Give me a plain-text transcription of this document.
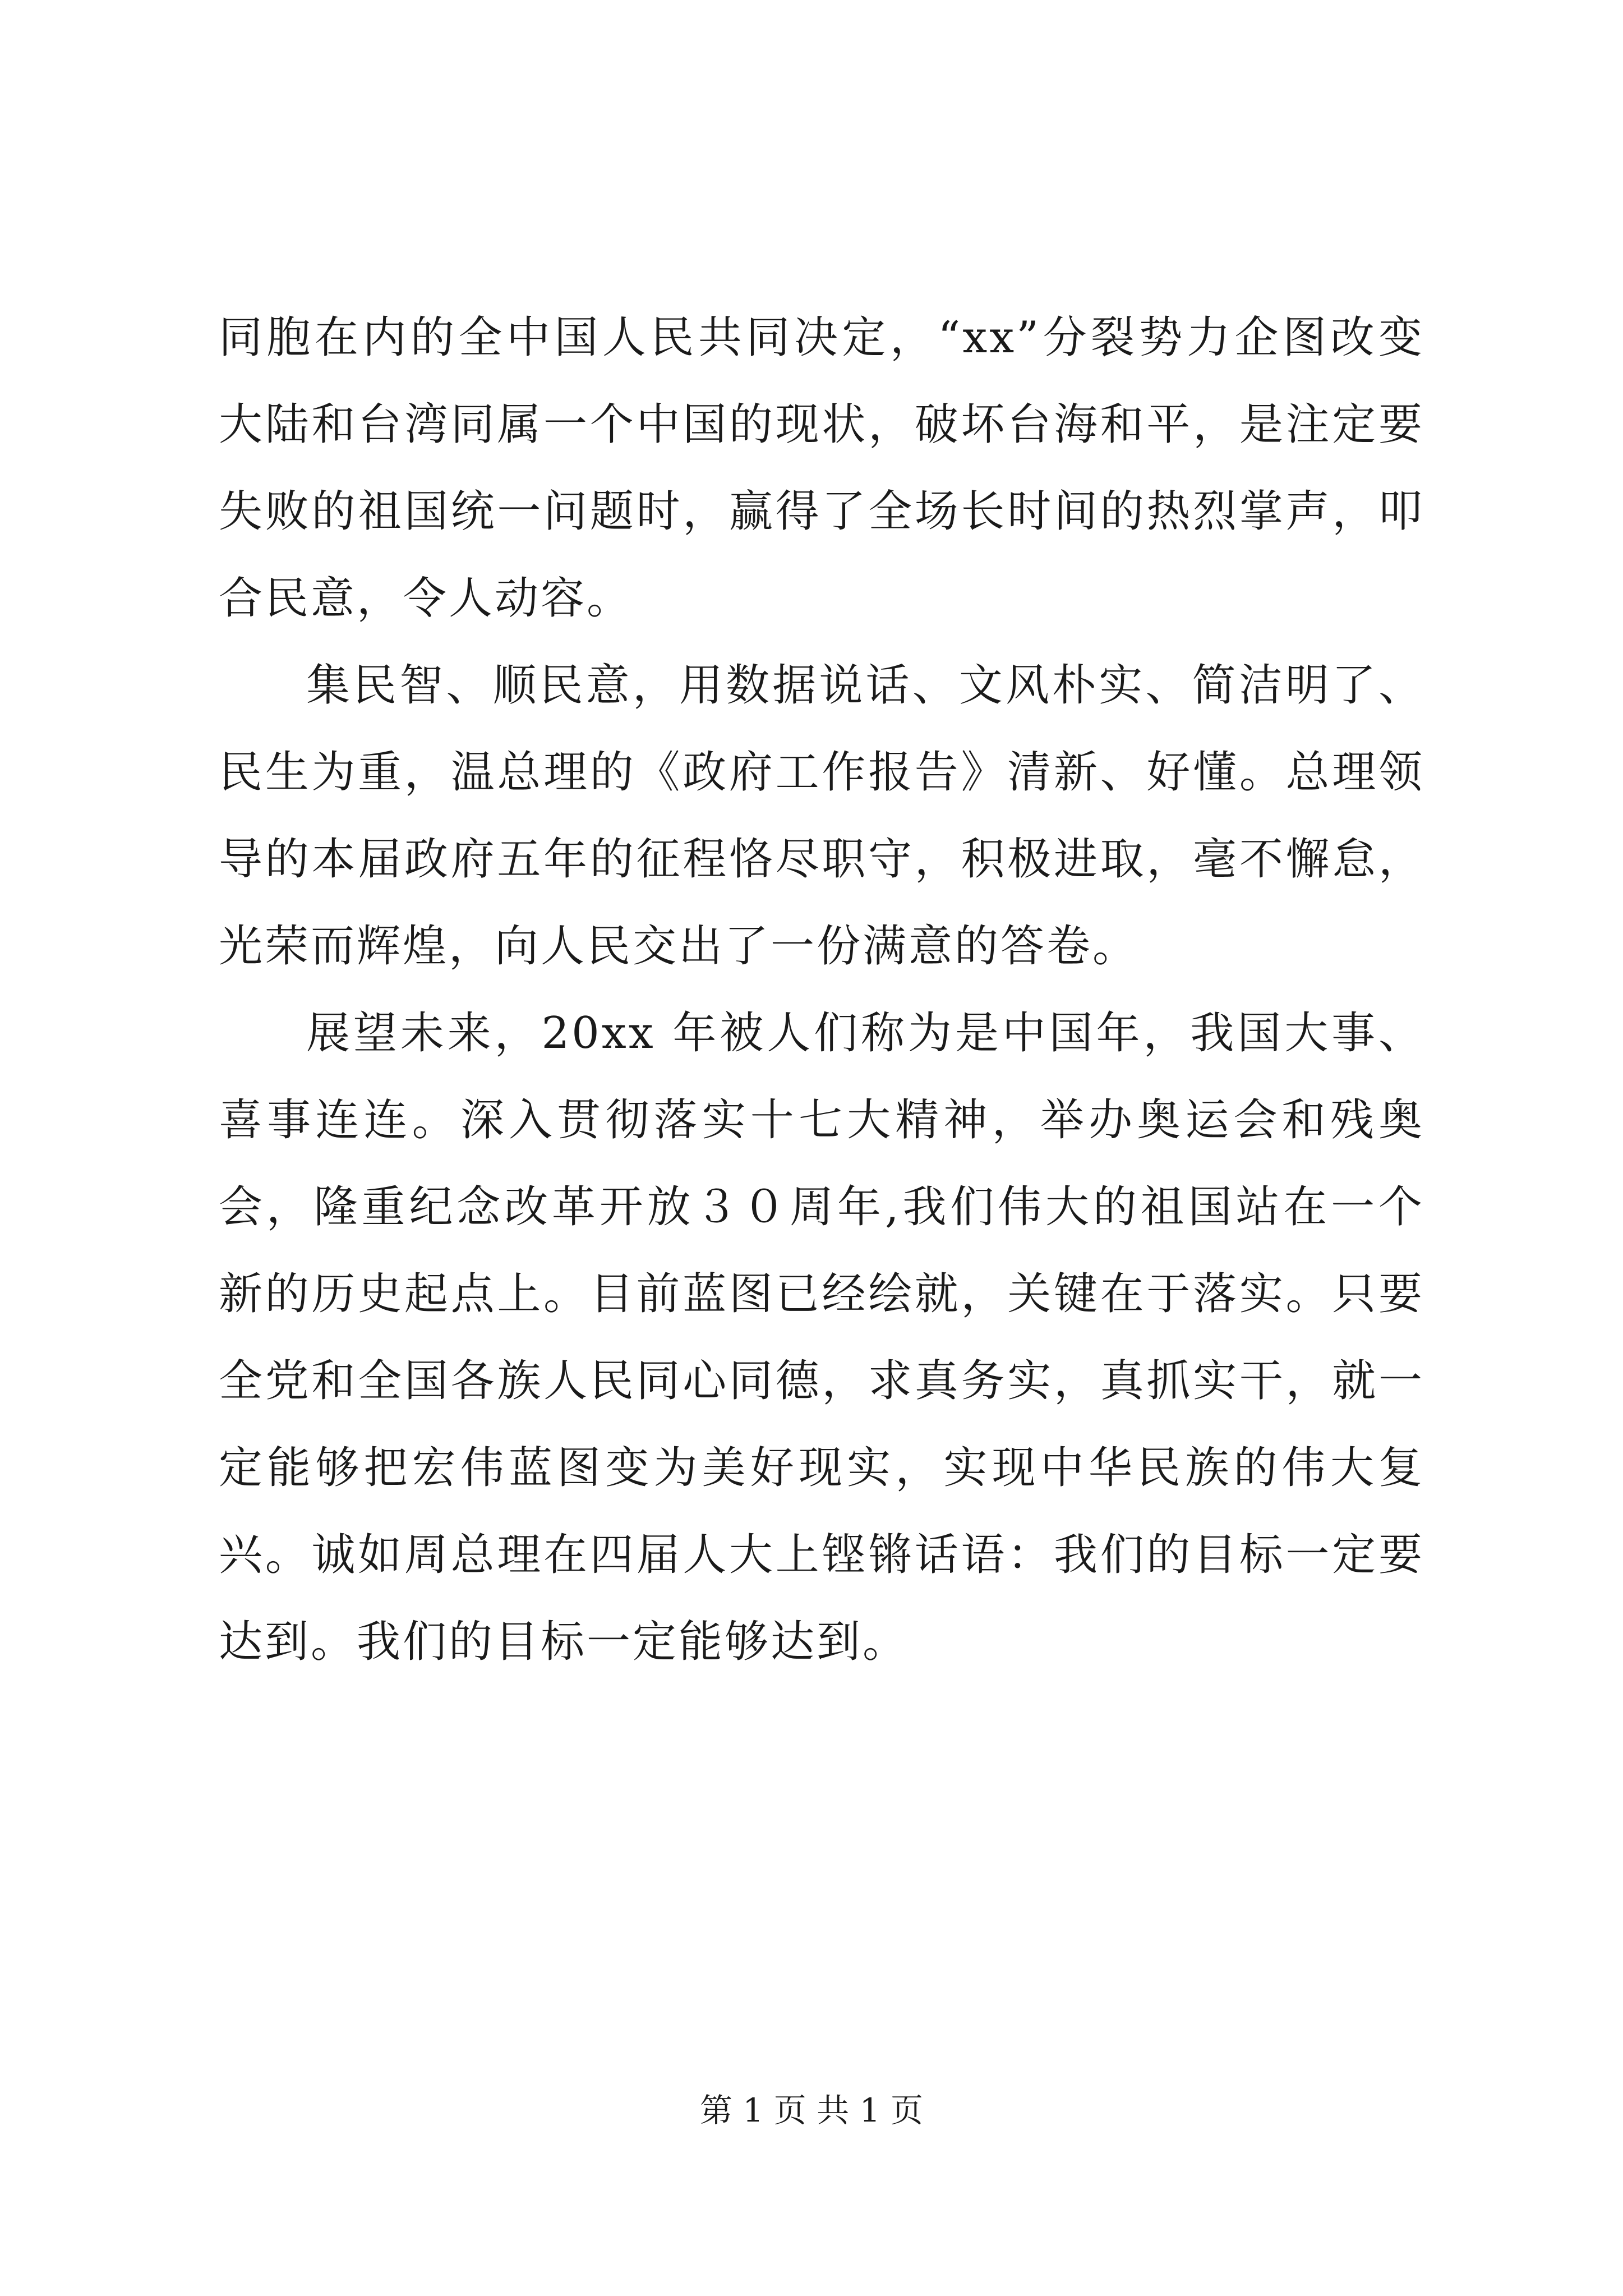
同胞在内的全中国人民共同决定，“xx”分裂势力企图改变大陆和台湾同属一个中国的现状，破坏台海和平，是注定要失败的祖国统一问题时，赢得了全场长时间的热烈掌声，叩合民意，令人动容。

集民智、顺民意，用数据说话、文风朴实、简洁明了、民生为重，温总理的《政府工作报告》清新、好懂。总理领导的本届政府五年的征程恪尽职守，积极进取，毫不懈怠，光荣而辉煌，向人民交出了一份满意的答卷。

展望未来，20xx 年被人们称为是中国年，我国大事、喜事连连。深入贯彻落实十七大精神，举办奥运会和残奥会，隆重纪念改革开放３０周年,我们伟大的祖国站在一个新的历史起点上。目前蓝图已经绘就，关键在于落实。只要全党和全国各族人民同心同德，求真务实，真抓实干，就一定能够把宏伟蓝图变为美好现实，实现中华民族的伟大复兴。诚如周总理在四届人大上铿锵话语：我们的目标一定要达到。我们的目标一定能够达到。

第 1 页 共 1 页
